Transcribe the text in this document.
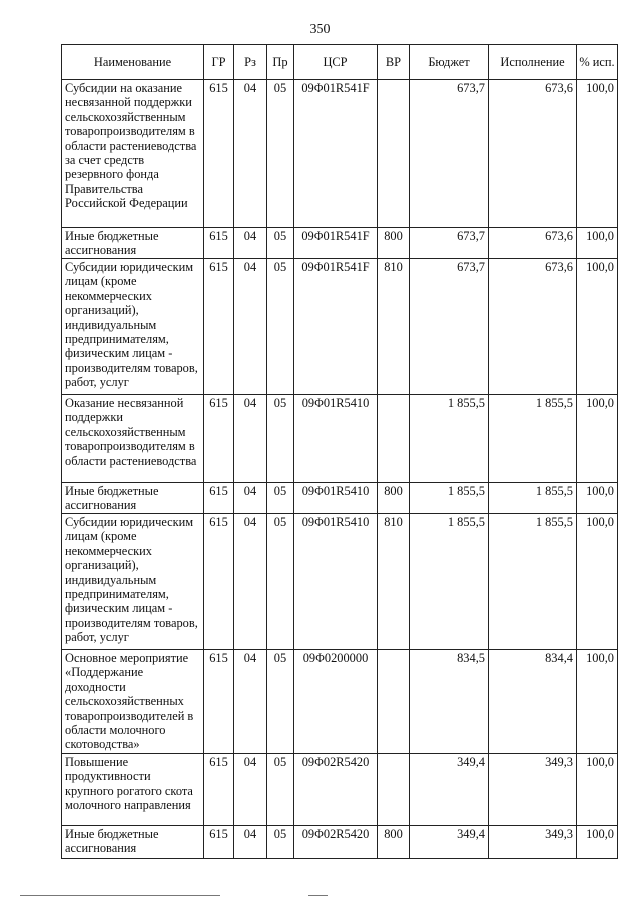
350
Наименование	ГР	Рз	Пр	ЦСР	ВР	Бюджет	Исполнение	% исп.
Субсидии на оказание несвязанной поддержки сельскохозяйственным товаропроизводителям в области растениеводства за счет средств резервного фонда Правительства Российской Федерации	615	04	05	09Ф01R541F		673,7	673,6	100,0
Иные бюджетные ассигнования	615	04	05	09Ф01R541F	800	673,7	673,6	100,0
Субсидии юридическим лицам (кроме некоммерческих организаций), индивидуальным предпринимателям, физическим лицам - производителям товаров, работ, услуг	615	04	05	09Ф01R541F	810	673,7	673,6	100,0
Оказание несвязанной поддержки сельскохозяйственным товаропроизводителям в области растениеводства	615	04	05	09Ф01R5410		1 855,5	1 855,5	100,0
Иные бюджетные ассигнования	615	04	05	09Ф01R5410	800	1 855,5	1 855,5	100,0
Субсидии юридическим лицам (кроме некоммерческих организаций), индивидуальным предпринимателям, физическим лицам - производителям товаров, работ, услуг	615	04	05	09Ф01R5410	810	1 855,5	1 855,5	100,0
Основное мероприятие «Поддержание доходности сельскохозяйственных товаропроизводителей в области молочного скотоводства»	615	04	05	09Ф0200000		834,5	834,4	100,0
Повышение продуктивности крупного рогатого скота молочного направления	615	04	05	09Ф02R5420		349,4	349,3	100,0
Иные бюджетные ассигнования	615	04	05	09Ф02R5420	800	349,4	349,3	100,0
